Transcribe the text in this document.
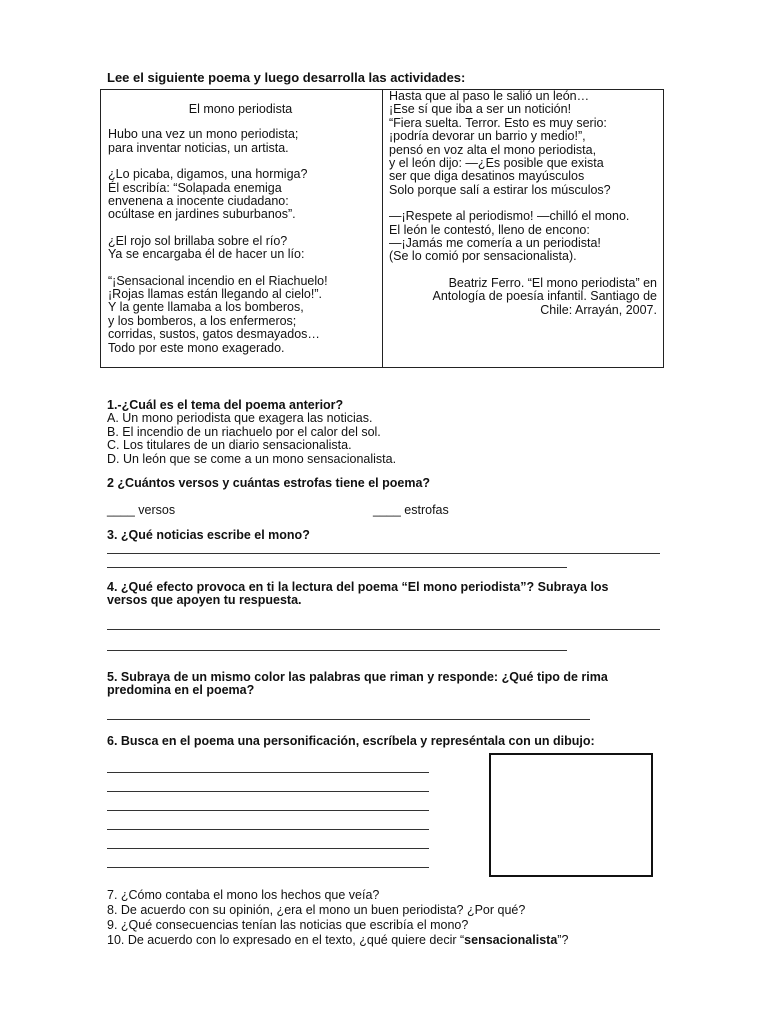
Lee el siguiente poema y luego desarrolla las actividades:
El mono periodista
Hubo una vez un mono periodista;
para inventar noticias, un artista.
¿Lo picaba, digamos, una hormiga?
Él escribía: “Solapada enemiga
envenena a inocente ciudadano:
ocúltase en jardines suburbanos”.
¿El rojo sol brillaba sobre el río?
Ya se encargaba él de hacer un lío:
“¡Sensacional incendio en el Riachuelo!
¡Rojas llamas están llegando al cielo!”.
Y la gente llamaba a los bomberos,
y los bomberos, a los enfermeros;
corridas, sustos, gatos desmayados…
Todo por este mono exagerado.
Hasta que al paso le salió un león…
¡Ese sí que iba a ser un notición!
“Fiera suelta. Terror. Esto es muy serio:
¡podría devorar un barrio y medio!”,
pensó en voz alta el mono periodista,
y el león dijo: —¿Es posible que exista
ser que diga desatinos mayúsculos
Solo porque salí a estirar los músculos?
—¡Respete al periodismo! —chilló el mono.
El león le contestó, lleno de encono:
—¡Jamás me comería a un periodista!
(Se lo comió por sensacionalista).
Beatriz Ferro. “El mono periodista” en
Antología de poesía infantil. Santiago de
Chile: Arrayán, 2007.
1.-¿Cuál es el tema del poema anterior?
A. Un mono periodista que exagera las noticias.
B. El incendio de un riachuelo por el calor del sol.
C. Los titulares de un diario sensacionalista.
D. Un león que se come a un mono sensacionalista.
2 ¿Cuántos versos y cuántas estrofas tiene el poema?
____ versos	____ estrofas
3. ¿Qué noticias escribe el mono?
4. ¿Qué efecto provoca en ti la lectura del poema “El mono periodista”? Subraya los
versos que apoyen tu respuesta.
5. Subraya de un mismo color las palabras que riman y responde: ¿Qué tipo de rima
predomina en el poema?
6. Busca en el poema una personificación, escríbela y represéntala con un dibujo:
7. ¿Cómo contaba el mono los hechos que veía?
8. De acuerdo con su opinión, ¿era el mono un buen periodista? ¿Por qué?
9. ¿Qué consecuencias tenían las noticias que escribía el mono?
10. De acuerdo con lo expresado en el texto, ¿qué quiere decir “sensacionalista”?
